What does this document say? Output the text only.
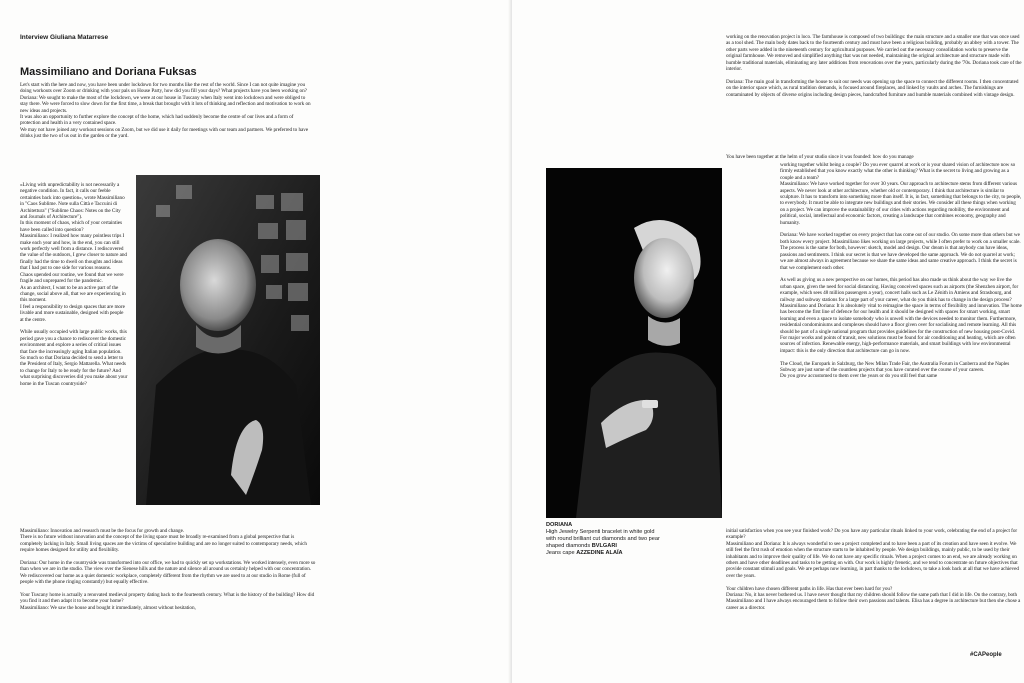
Interview Giuliana Matarrese
Massimiliano and Doriana Fuksas
Let's start with the here and now, you have been under lockdown for two months like the rest of the world. Since I can not quite imagine you doing workouts over Zoom or drinking with your pals on House Party, how did you fill your days? What projects have you been working on?
Doriana: We sought to make the most of the lockdown, we were at our house in Tuscany when Italy went into lockdown and were obliged to stay there. We were forced to slow down for the first time, a break that brought with it lots of thinking and reflection and motivation to work on new ideas and projects.
It was also an opportunity to further explore the concept of the home, which had suddenly become the centre of our lives and a form of protection and health in a very contained space.
We may not have joined any workout sessions on Zoom, but we did use it daily for meetings with our team and partners. We preferred to have drinks just the two of us out in the garden or the yard.
«Living with unpredictability is not necessarily a negative condition. In fact, it calls our feeble certainties back into question», wrote Massimiliano in "Caos Sublime. Note sulla Città e Taccuini di Architettura" ("Sublime Chaos: Notes on the City and Journals of Architecture").
In this moment of chaos, which of your certainties have been called into question?
Massimiliano: I realized how many pointless trips I make each year and how, in the end, you can still work perfectly well from a distance. I rediscovered the value of the outdoors, I grew closer to nature and finally had the time to dwell on thoughts and ideas that I had put to one side for various reasons.
Chaos upended our routine, we found that we were fragile and unprepared for the pandemic.
As an architect, I want to be an active part of the change, social above all, that we are experiencing in this moment.
I feel a responsibility to design spaces that are more livable and more sustainable, designed with people at the centre.

While usually occupied with large public works, this period gave you a chance to rediscover the domestic environment and explore a series of critical issues that face the increasingly aging Italian population. So much so that Doriana decided to send a letter to the President of Italy, Sergio Mattarella. What needs to change for Italy to be ready for the future? And what surprising discoveries did you make about your home in the Tuscan countryside?
Massimiliano: Innovation and research must be the focus for growth and change.
There is no future without innovation and the concept of the living space must be broadly re-examined from a global perspective that is completely lacking in Italy. Small living spaces are the victims of speculative building and are no longer suited to contemporary needs, which require homes designed for utility and flexibility.

Doriana: Our home in the countryside was transformed into our office, we had to quickly set up workstations. We worked intensely, even more so than when we are in the studio. The view over the Sienese hills and the nature and silence all around us certainly helped with our concentration.
We rediscovered our home as a quiet domestic workplace, completely different from the rhythm we are used to at our studio in Rome (full of people with the phone ringing constantly) but equally effective.

Your Tuscany home is actually a renovated medieval property dating back to the fourteenth century. What is the history of the building? How did you find it and then adapt it to become your home?
Massimiliano: We saw the house and bought it immediately, almost without hesitation,
working on the renovation project in loco. The farmhouse is composed of two buildings: the main structure and a smaller one that was once used as a tool shed. The main body dates back to the fourteenth century and must have been a religious building, probably an abbey with a tower. The other parts were added in the nineteenth century for agricultural purposes. We carried out the necessary consolidation works to preserve the original farmhouse. We removed and simplified anything that was not needed, maintaining the original architecture and structure made with humble traditional materials, eliminating any later additions from renovations over the years, particularly during the '70s. Doriana took care of the interior.

Doriana: The main goal in transforming the house to suit our needs was opening up the space to connect the different rooms. I then concentrated on the interior space which, as rural tradition demands, is focused around fireplaces, and linked by vaults and arches. The furnishings are contaminated by objects of diverse origins including design pieces, handcrafted furniture and humble materials combined with vintage design.
You have been together at the helm of your studio since it was founded: how do you manage
working together whilst being a couple? Do you ever quarrel at work or is your shared vision of architecture now so firmly established that you know exactly what the other is thinking? What is the secret to living and growing as a couple and a team?
Massimiliano: We have worked together for over 30 years. Our approach to architecture stems from different various aspects. We never look at other architecture, whether old or contemporary. I think that architecture is similar to sculpture. It has to transform into something more than itself. It is, in fact, something that belongs to the city, to people, to everybody. It must be able to integrate new buildings and their stories. We consider all these things when working on a project. We can improve the sustainability of our cities with actions regarding mobility, the environment and political, social, intellectual and economic factors, creating a landscape that combines economy, geography and humanity.

Doriana: We have worked together on every project that has come out of our studio. On some more than others but we both know every project. Massimiliano likes working on large projects, while I often prefer to work on a smaller scale. The process is the same for both, however: sketch, model and design. Our dream is that anybody can have ideas, passions and sentiments. I think our secret is that we have developed the same approach. We do not quarrel at work; we are almost always in agreement because we share the same ideas and same creative approach. I think the secret is that we complement each other.

As well as giving us a new perspective on our homes, this period has also made us think about the way we live the urban space, given the need for social distancing. Having conceived spaces such as airports (the Shenzhen airport, for example, which sees 48 million passengers a year), concert halls such as Le Zénith in Amiens and Strasbourg, and railway and subway stations for a large part of your career, what do you think has to change in the design process?
Massimiliano and Doriana: It is absolutely vital to reimagine the space in terms of flexibility and innovation. The home has become the first line of defence for our health and it should be designed with spaces for smart working, smart learning and even a space to isolate somebody who is unwell with the devices needed to monitor them. Furthermore, residential condominiums and complexes should have a floor given over for socialising and remote learning. All this should be part of a single national program that provides guidelines for the construction of new housing post-Covid. For major works and points of transit, new solutions must be found for air conditioning and heating, which are often sources of infection. Renewable energy, high-performance materials, and smart buildings with low environmental impact: this is the only direction that architecture can go in now.

The Cloud, the Europark in Salzburg, the New Milan Trade Fair, the Australia Forum in Canberra and the Naples Subway are just some of the countless projects that you have curated over the course of your careers.
Do you grow accustomed to them over the years or do you still feel that same
DORIANA
High Jewelry Serpenti bracelet in white gold
with round brilliant cut diamonds and two pear
shaped diamonds BVLGARI
Jeans cape AZZEDINE ALAÏA
initial satisfaction when you see your finished work? Do you have any particular rituals linked to your work, celebrating the end of a project for example?
Massimiliano and Doriana: It is always wonderful to see a project completed and to have been a part of its creation and have seen it evolve. We still feel the first rush of emotion when the structure starts to be inhabited by people. We design buildings, mainly public, to be used by their inhabitants and to improve their quality of life. We do not have any specific rituals. When a project comes to an end, we are already working on others and have other deadlines and tasks to be getting on with. Our work is highly frenetic, and we tend to concentrate on future objectives that provide constant stimuli and goals. We are perhaps now learning, in part thanks to the lockdown, to take a look back at all that we have achieved over the years.

Your children have chosen different paths in life. Has that ever been hard for you?
Doriana: No, it has never bothered us. I have never thought that my children should follow the same path that I did in life. On the contrary, both Massimiliano and I have always encouraged them to follow their own passions and talents. Elisa has a degree in architecture but then she chose a career as a director.
#CAPeople
